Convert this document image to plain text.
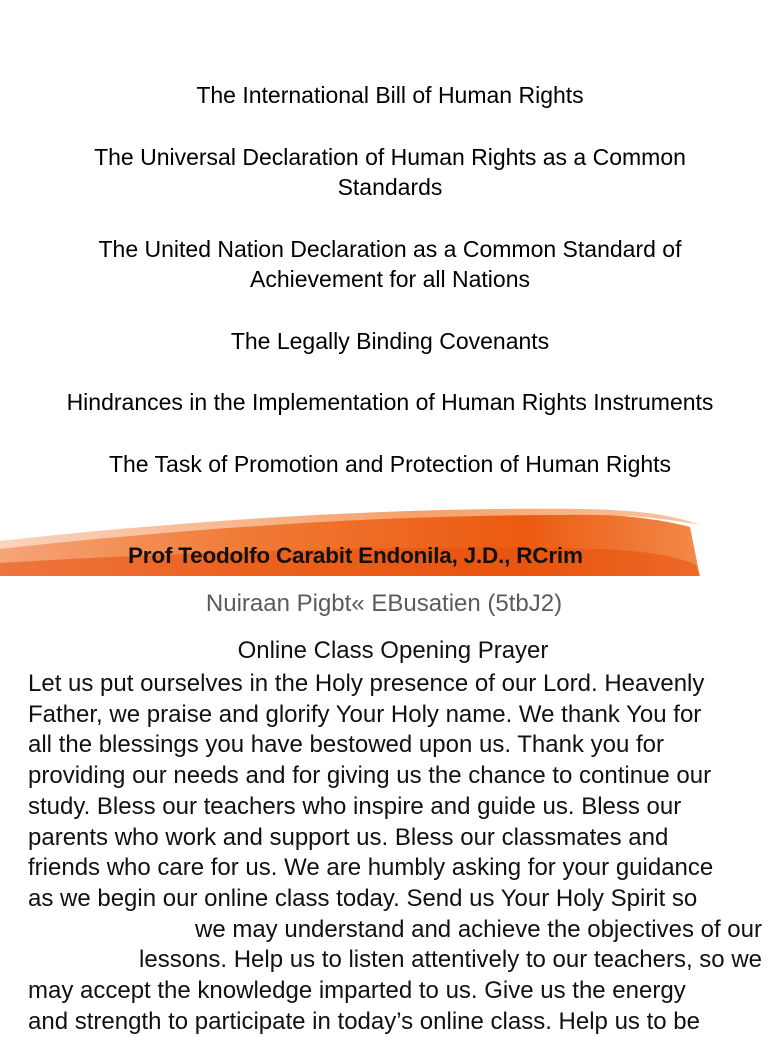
The International Bill of Human Rights
The Universal Declaration of Human Rights as a Common Standards
The United Nation Declaration as a Common Standard of Achievement for all Nations
The Legally Binding Covenants
Hindrances in the Implementation of Human Rights Instruments
The Task of Promotion and Protection of Human Rights
Prof Teodolfo Carabit Endonila, J.D., RCrim
Nuiraan Pigbt« EBusatien (5tbJ2)
Online Class Opening Prayer
Let us put ourselves in the Holy presence of our Lord. Heavenly
Father, we praise and glorify Your Holy name. We thank You for
all the blessings you have bestowed upon us. Thank you for
providing our needs and for giving us the chance to continue our
study. Bless our teachers who inspire and guide us. Bless our
parents who work and support us. Bless our classmates and
friends who care for us. We are humbly asking for your guidance
as we begin our online class today. Send us Your Holy Spirit so
we may understand and achieve the objectives of our
lessons. Help us to listen attentively to our teachers, so we
may accept the knowledge imparted to us. Give us the energy
and strength to participate in today’s online class. Help us to be
